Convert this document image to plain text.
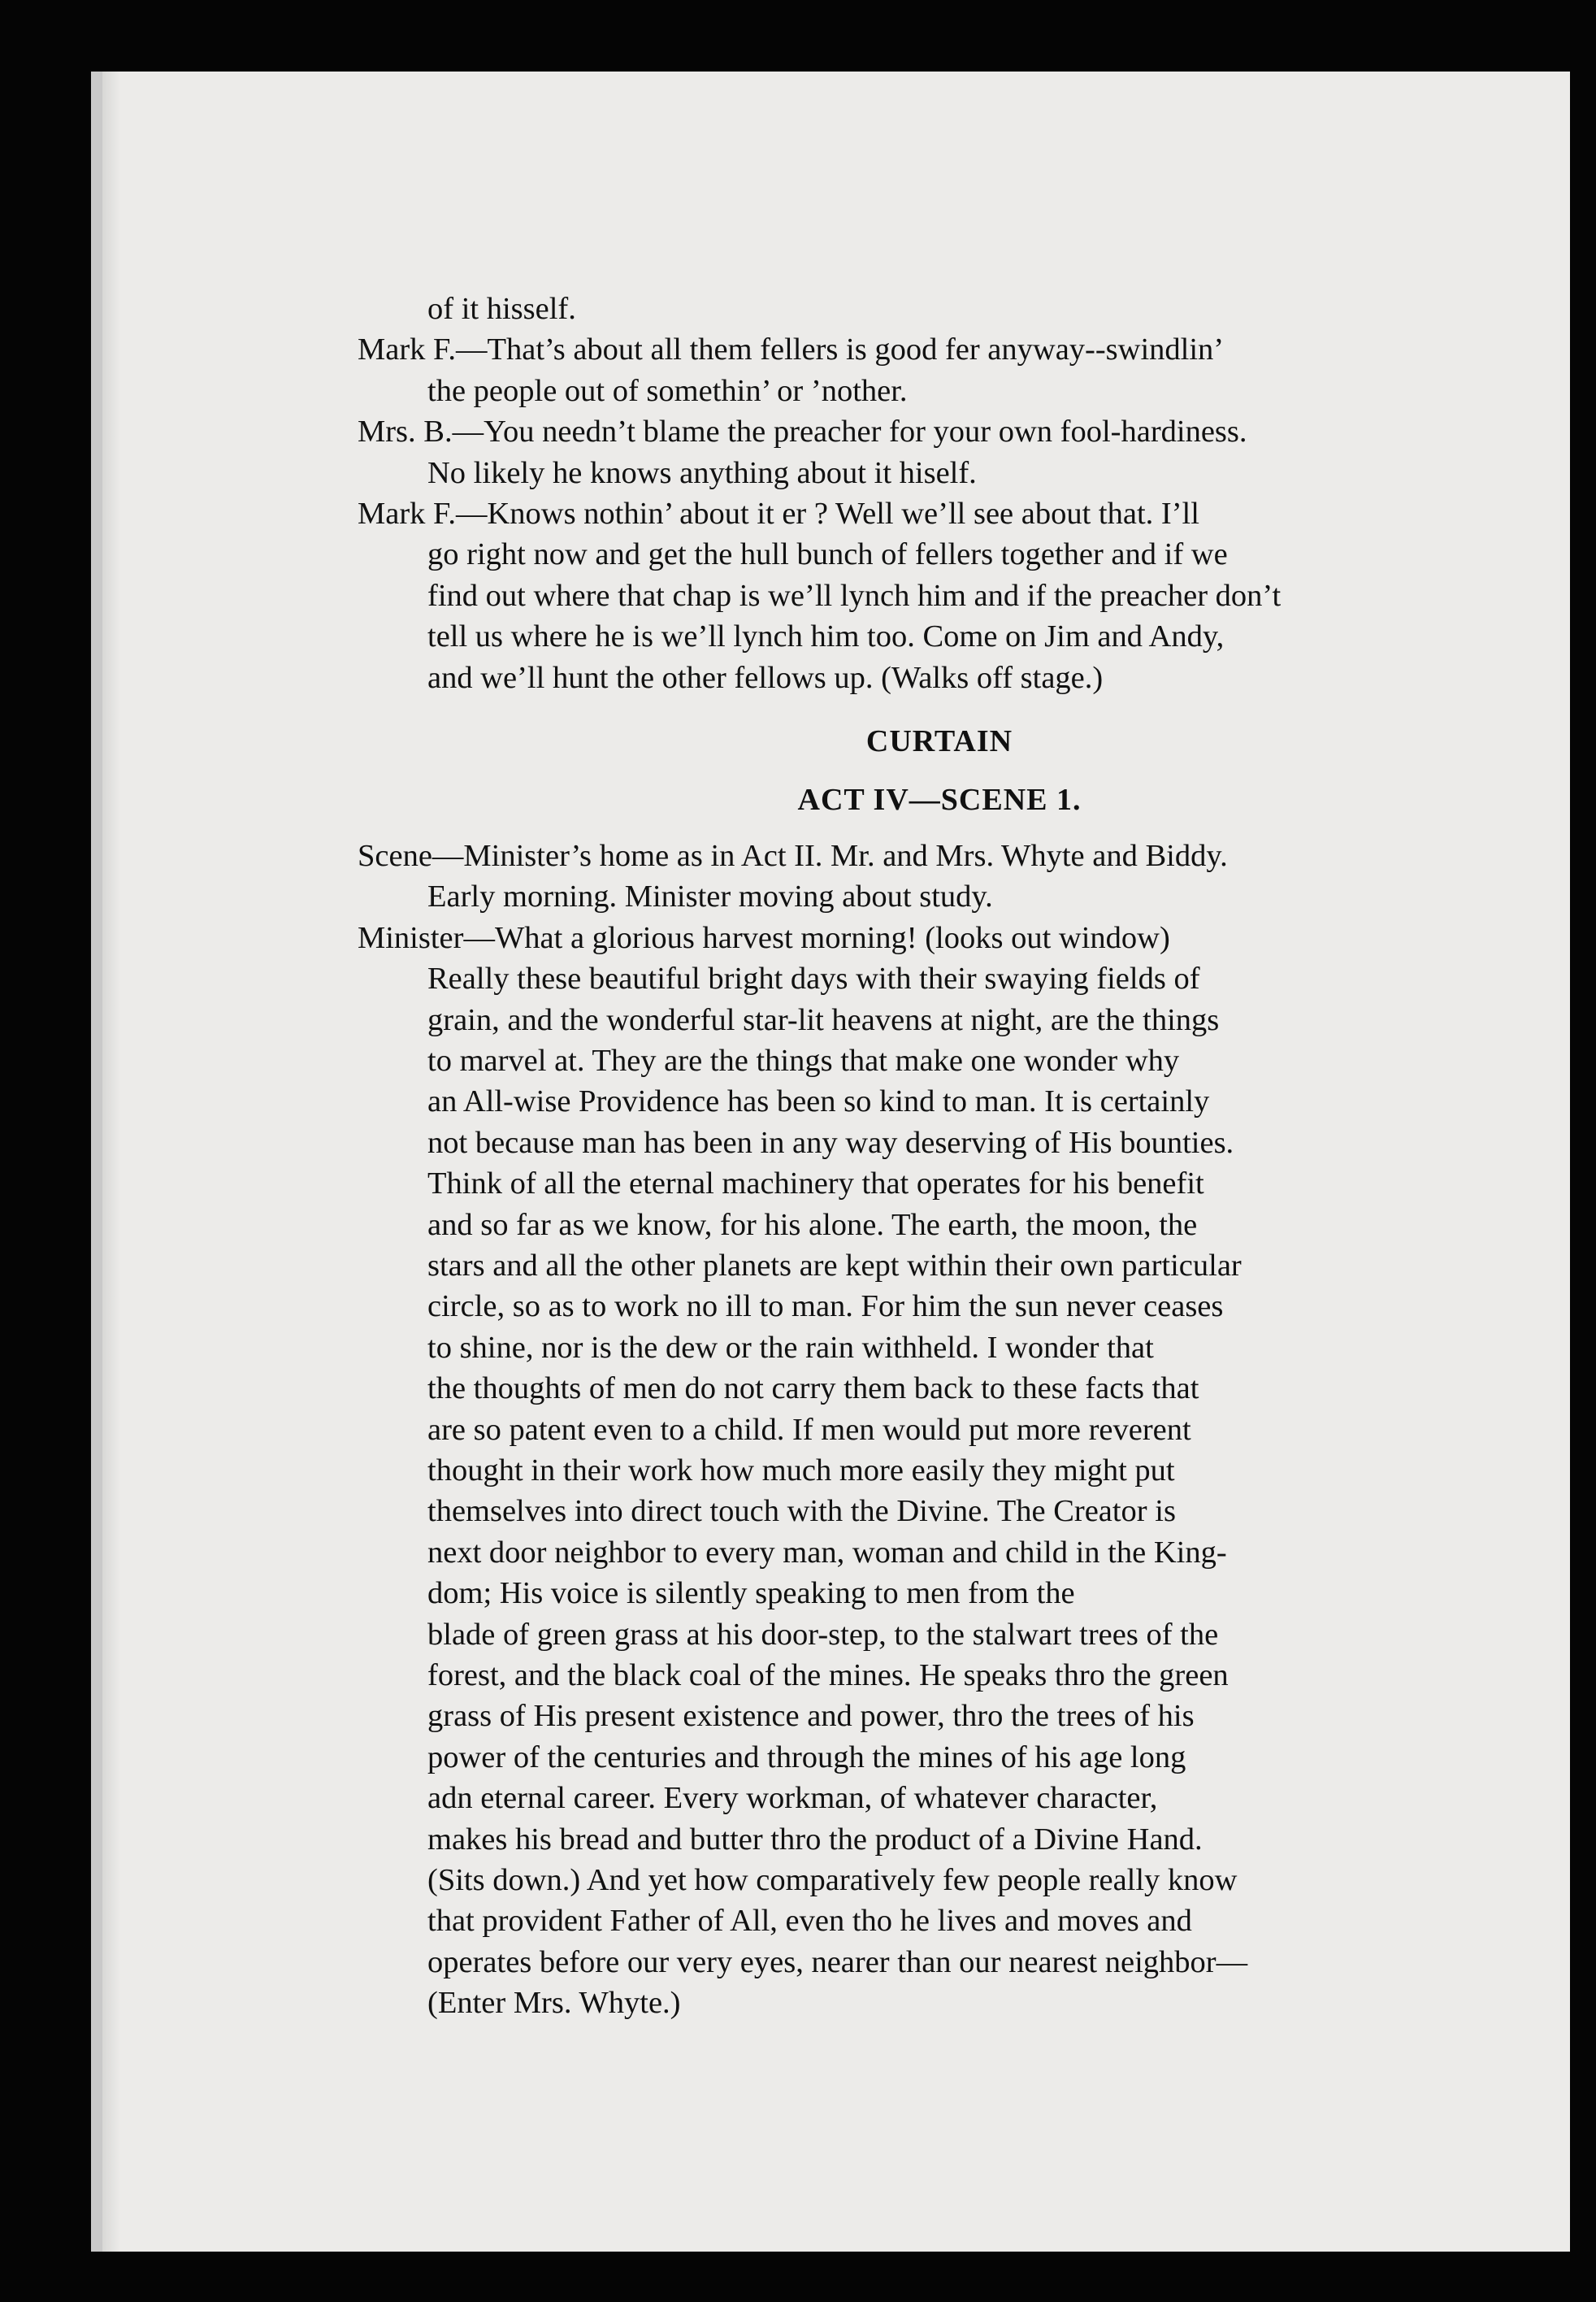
of it hisself.
Mark F.—That’s about all them fellers is good fer anyway--swindlin’
the people out of somethin’ or ’nother.
Mrs. B.—You needn’t blame the preacher for your own fool-hardiness.
No likely he knows anything about it hiself.
Mark F.—Knows nothin’ about it er ? Well we’ll see about that. I’ll
go right now and get the hull bunch of fellers together and if we
find out where that chap is we’ll lynch him and if the preacher don’t
tell us where he is we’ll lynch him too. Come on Jim and Andy,
and we’ll hunt the other fellows up. (Walks off stage.)
CURTAIN
ACT IV—SCENE 1.
Scene—Minister’s home as in Act II. Mr. and Mrs. Whyte and Biddy.
Early morning. Minister moving about study.
Minister—What a glorious harvest morning! (looks out window)
Really these beautiful bright days with their swaying fields of
grain, and the wonderful star-lit heavens at night, are the things
to marvel at. They are the things that make one wonder why
an All-wise Providence has been so kind to man. It is certainly
not because man has been in any way deserving of His bounties.
Think of all the eternal machinery that operates for his benefit
and so far as we know, for his alone. The earth, the moon, the
stars and all the other planets are kept within their own particular
circle, so as to work no ill to man. For him the sun never ceases
to shine, nor is the dew or the rain withheld. I wonder that
the thoughts of men do not carry them back to these facts that
are so patent even to a child. If men would put more reverent
thought in their work how much more easily they might put
themselves into direct touch with the Divine. The Creator is
next door neighbor to every man, woman and child in the King-
dom; His voice is silently speaking to men from the
blade of green grass at his door-step, to the stalwart trees of the
forest, and the black coal of the mines. He speaks thro the green
grass of His present existence and power, thro the trees of his
power of the centuries and through the mines of his age long
adn eternal career. Every workman, of whatever character,
makes his bread and butter thro the product of a Divine Hand.
(Sits down.) And yet how comparatively few people really know
that provident Father of All, even tho he lives and moves and
operates before our very eyes, nearer than our nearest neighbor—
(Enter Mrs. Whyte.)
